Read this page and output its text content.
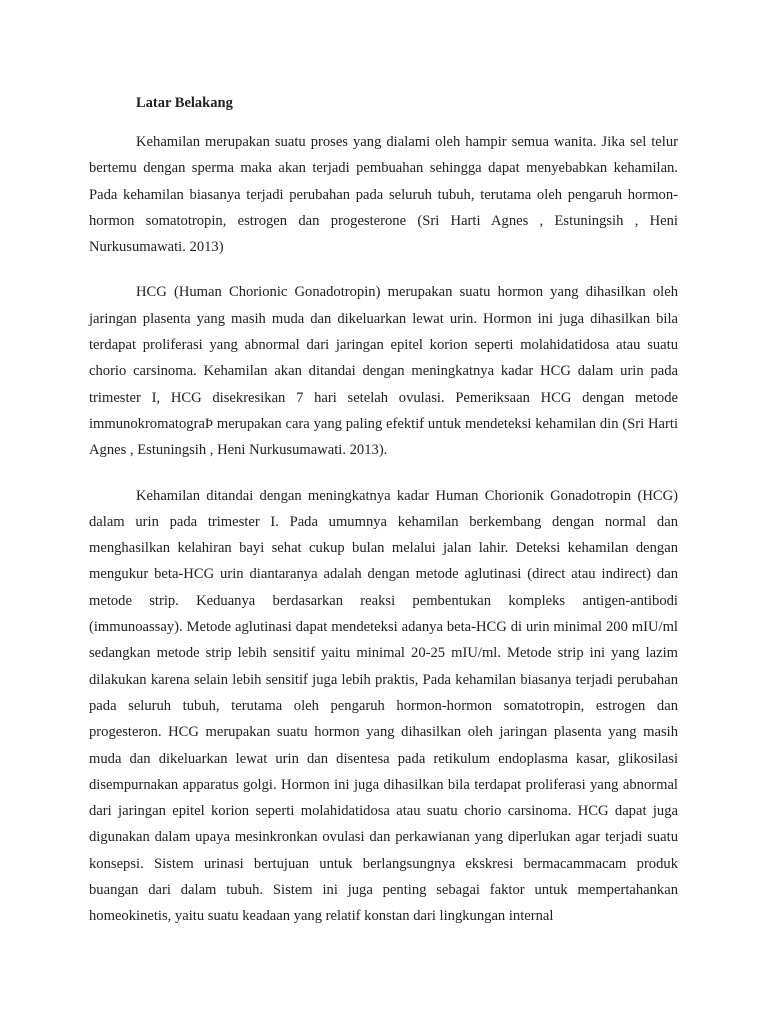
Latar Belakang

Kehamilan merupakan suatu proses yang dialami oleh hampir semua wanita. Jika sel telur bertemu dengan sperma maka akan terjadi pembuahan sehingga dapat menyebabkan kehamilan. Pada kehamilan biasanya terjadi perubahan pada seluruh tubuh, terutama oleh pengaruh hormon-hormon somatotropin, estrogen dan progesterone (Sri Harti Agnes , Estuningsih , Heni Nurkusumawati. 2013)

HCG (Human Chorionic Gonadotropin) merupakan suatu hormon yang dihasilkan oleh jaringan plasenta yang masih muda dan dikeluarkan lewat urin. Hormon ini juga dihasilkan bila terdapat proliferasi yang abnormal dari jaringan epitel korion seperti molahidatidosa atau suatu chorio carsinoma. Kehamilan akan ditandai dengan meningkatnya kadar HCG dalam urin pada trimester I, HCG disekresikan 7 hari setelah ovulasi. Pemeriksaan HCG dengan metode immunokromatograÞ merupakan cara yang paling efektif untuk mendeteksi kehamilan din (Sri Harti Agnes , Estuningsih , Heni Nurkusumawati. 2013).

Kehamilan ditandai dengan meningkatnya kadar Human Chorionik Gonadotropin (HCG) dalam urin pada trimester I. Pada umumnya kehamilan berkembang dengan normal dan menghasilkan kelahiran bayi sehat cukup bulan melalui jalan lahir. Deteksi kehamilan dengan mengukur beta-HCG urin diantaranya adalah dengan metode aglutinasi (direct atau indirect) dan metode strip. Keduanya berdasarkan reaksi pembentukan kompleks antigen-antibodi (immunoassay). Metode aglutinasi dapat mendeteksi adanya beta-HCG di urin minimal 200 mIU/ml sedangkan metode strip lebih sensitif yaitu minimal 20-25 mIU/ml. Metode strip ini yang lazim dilakukan karena selain lebih sensitif juga lebih praktis, Pada kehamilan biasanya terjadi perubahan pada seluruh tubuh, terutama oleh pengaruh hormon-hormon somatotropin, estrogen dan progesteron. HCG merupakan suatu hormon yang dihasilkan oleh jaringan plasenta yang masih muda dan dikeluarkan lewat urin dan disentesa pada retikulum endoplasma kasar, glikosilasi disempurnakan apparatus golgi. Hormon ini juga dihasilkan bila terdapat proliferasi yang abnormal dari jaringan epitel korion seperti molahidatidosa atau suatu chorio carsinoma. HCG dapat juga digunakan dalam upaya mesinkronkan ovulasi dan perkawianan yang diperlukan agar terjadi suatu konsepsi. Sistem urinasi bertujuan untuk berlangsungnya ekskresi bermacammacam produk buangan dari dalam tubuh. Sistem ini juga penting sebagai faktor untuk mempertahankan homeokinetis, yaitu suatu keadaan yang relatif konstan dari lingkungan internal
